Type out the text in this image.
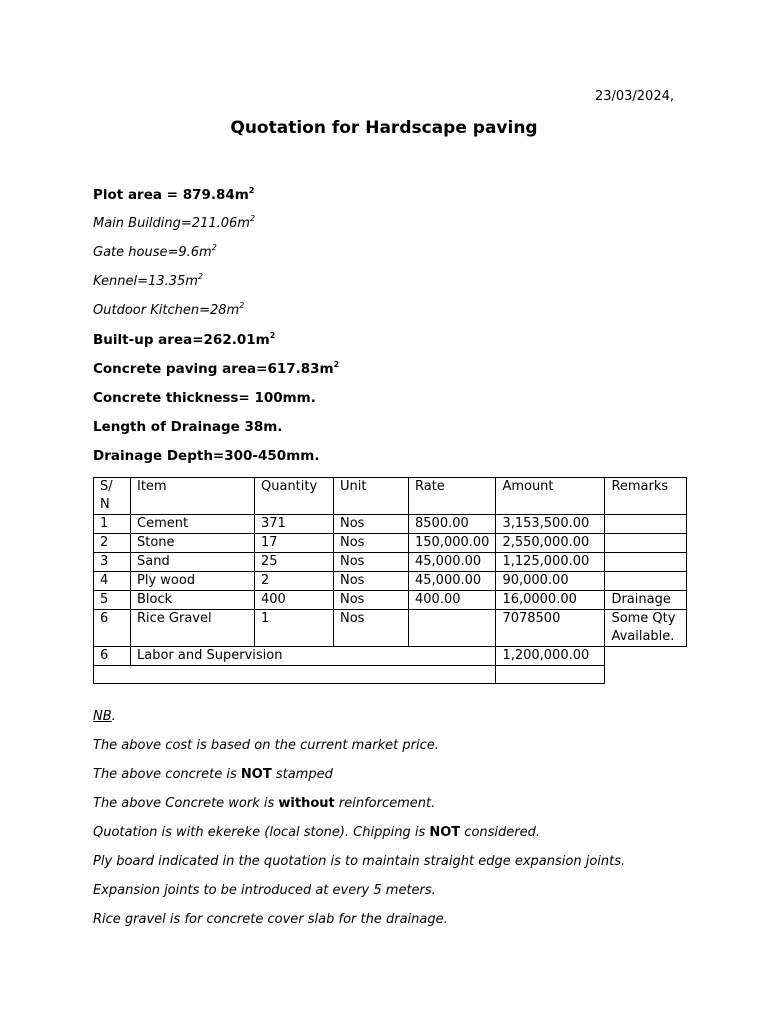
23/03/2024,
Quotation for Hardscape paving
Plot area = $879.84m^2$
Main $Building=211.06m^2$
Gate $house=9.6m^2$
$Kennel=13.35m^2$
Outdoor $Kitchen=28m^2$
Built-up $area=262.01m^2$
Concrete paving $area=617.83m^2$
Concrete thickness= 100mm.
Length of Drainage 38m.
Drainage Depth=300-450mm.
S/ N	Item	Quantity	Unit	Rate	Amount	Remarks
1	Cement	371	Nos	8500.00	3,153,500.00	
2	Stone	17	Nos	150,000.00	2,550,000.00	
3	Sand	25	Nos	45,000.00	1,125,000.00	
4	Ply wood	2	Nos	45,000.00	90,000.00	
5	Block	400	Nos	400.00	16,0000.00	Drainage
6	Rice Gravel	1	Nos		7078500	Some Qty Available.
6	Labor and Supervision				1,200,000.00	

NB.
The above cost is based on the current market price.
The above concrete is NOT stamped
The above Concrete work is without reinforcement.
Quotation is with ekereke (local stone). Chipping is NOT considered.
Ply board indicated in the quotation is to maintain straight edge expansion joints.
Expansion joints to be introduced at every 5 meters.
Rice gravel is for concrete cover slab for the drainage.
